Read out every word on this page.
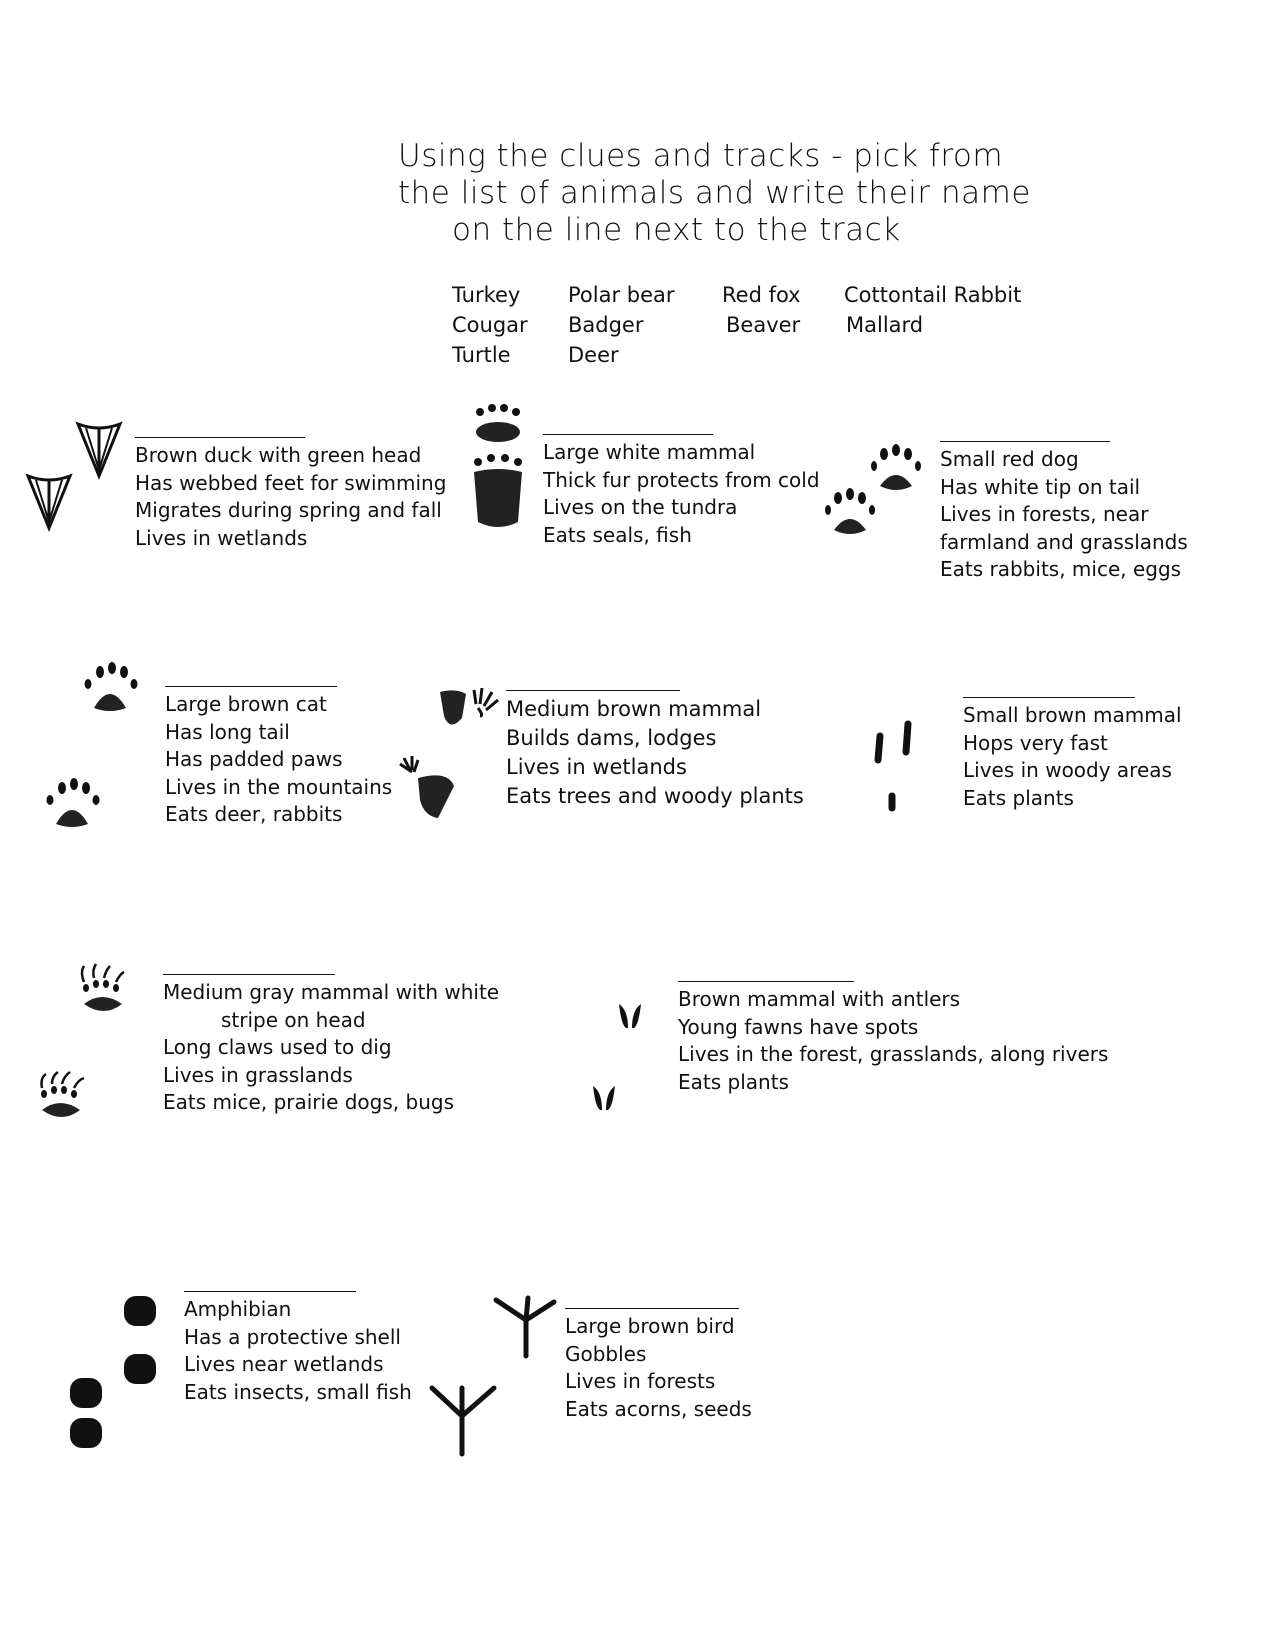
Using the clues and tracks - pick from
the list of animals and write their name
on the line next to the track
Turkey Polar bear Red fox Cottontail Rabbit
Cougar Badger	Beaver Mallard
Turtle	Deer
Brown duck with green head
Has webbed feet for swimming
Migrates during spring and fall
Lives in wetlands
Large white mammal
Thick fur protects from cold
Lives on the tundra
Eats seals, fish
Small red dog
Has white tip on tail
Lives in forests, near
farmland and grasslands
Eats rabbits, mice, eggs
Large brown cat
Has long tail
Has padded paws
Lives in the mountains
Eats deer, rabbits
Medium brown mammal
Builds dams, lodges
Lives in wetlands
Eats trees and woody plants
Small brown mammal
Hops very fast
Lives in woody areas
Eats plants
Medium gray mammal with white
stripe on head
Long claws used to dig
Lives in grasslands
Eats mice, prairie dogs, bugs
Brown mammal with antlers
Young fawns have spots
Lives in the forest, grasslands, along rivers
Eats plants
Amphibian
Has a protective shell
Lives near wetlands
Eats insects, small fish
Large brown bird
Gobbles
Lives in forests
Eats acorns, seeds
